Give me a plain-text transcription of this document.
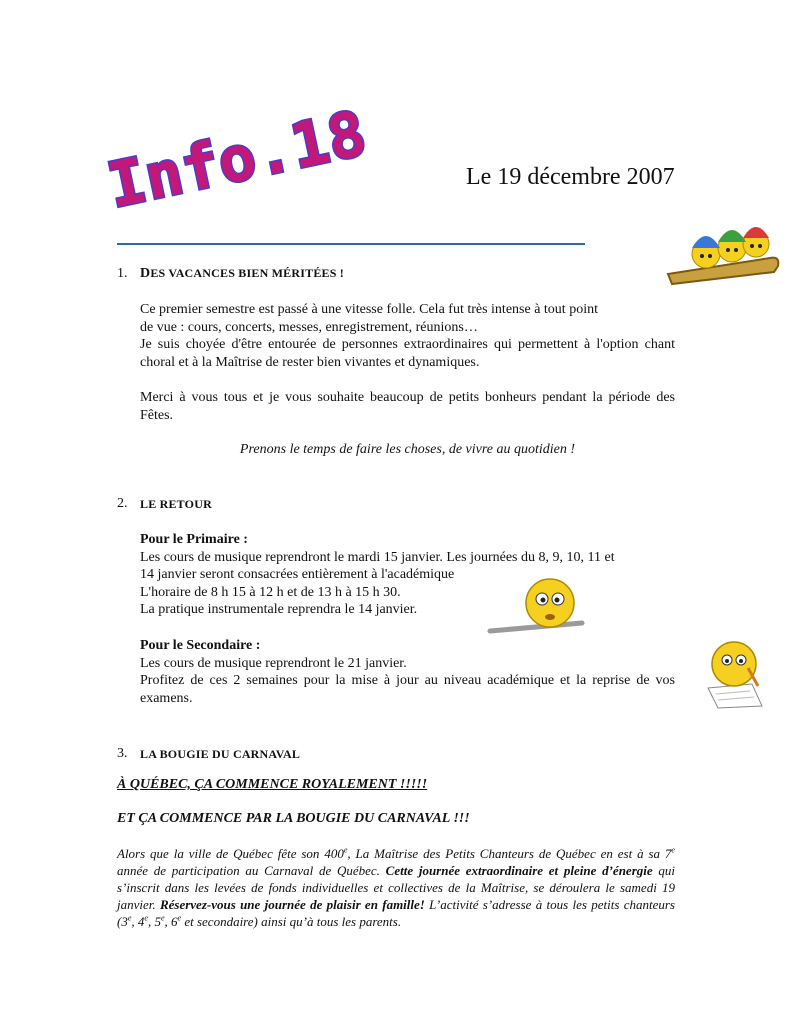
Info.18	Le 19 décembre 2007
1. DES VACANCES BIEN MÉRITÉES !
Ce premier semestre est passé à une vitesse folle. Cela fut très intense à tout point
de vue : cours, concerts, messes, enregistrement, réunions…
Je suis choyée d'être entourée de personnes extraordinaires qui permettent à l'option chant choral et à la Maîtrise de rester bien vivantes et dynamiques.
Merci à vous tous et je vous souhaite beaucoup de petits bonheurs pendant la période des Fêtes.
Prenons le temps de faire les choses, de vivre au quotidien !
2. LE RETOUR
Pour le Primaire :
Les cours de musique reprendront le mardi 15 janvier. Les journées du 8, 9, 10, 11 et
14 janvier seront consacrées entièrement à l'académique
L'horaire de 8 h 15 à 12 h et de 13 h à 15 h 30.
La pratique instrumentale reprendra le 14 janvier.
Pour le Secondaire :
Les cours de musique reprendront le 21 janvier.
Profitez de ces 2 semaines pour la mise à jour au niveau académique et la reprise de vos examens.
3. LA BOUGIE DU CARNAVAL
À QUÉBEC, ÇA COMMENCE ROYALEMENT !!!!!
ET ÇA COMMENCE PAR LA BOUGIE DU CARNAVAL !!!
Alors que la ville de Québec fête son 400e, La Maîtrise des Petits Chanteurs de Québec en est à sa 7e année de participation au Carnaval de Québec. Cette journée extraordinaire et pleine d’énergie qui s’inscrit dans les levées de fonds individuelles et collectives de la Maîtrise, se déroulera le samedi 19 janvier. Réservez-vous une journée de plaisir en famille! L’activité s’adresse à tous les petits chanteurs (3e, 4e, 5e, 6e et secondaire) ainsi qu’à tous les parents.
